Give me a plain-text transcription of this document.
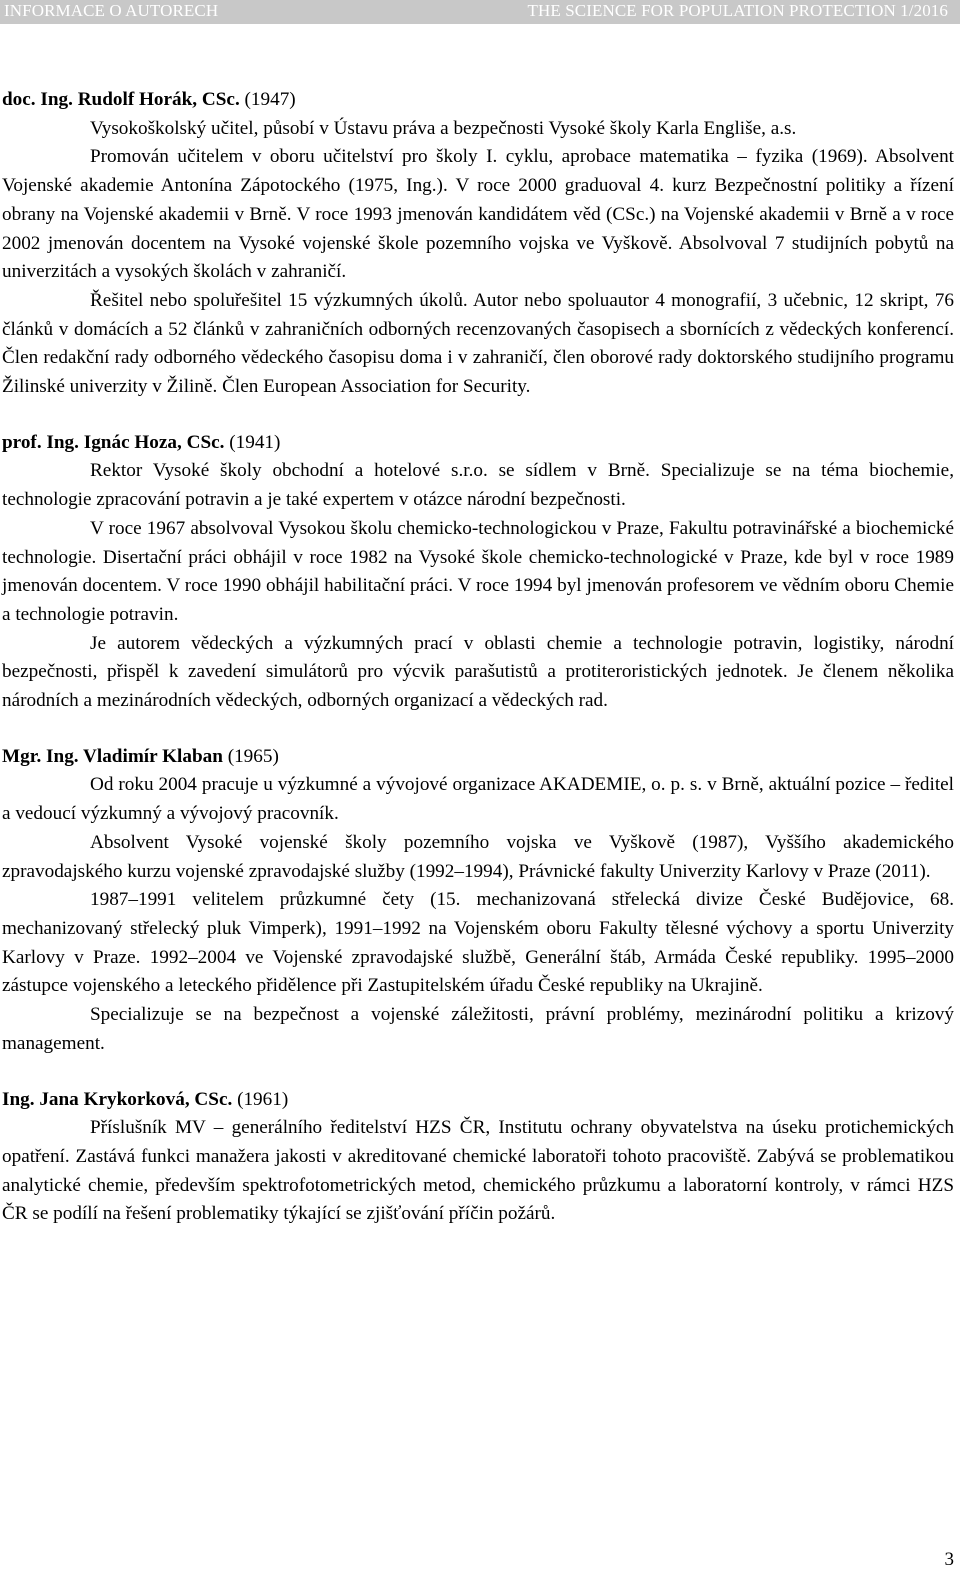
INFORMACE O AUTORECH	THE SCIENCE FOR POPULATION PROTECTION 1/2016
doc. Ing. Rudolf Horák, CSc. (1947)

Vysokoškolský učitel, působí v Ústavu práva a bezpečnosti Vysoké školy Karla Engliše, a.s.

Promován učitelem v oboru učitelství pro školy I. cyklu, aprobace matematika – fyzika (1969). Absolvent Vojenské akademie Antonína Zápotockého (1975, Ing.). V roce 2000 graduoval 4. kurz Bezpečnostní politiky a řízení obrany na Vojenské akademii v Brně. V roce 1993 jmenován kandidátem věd (CSc.) na Vojenské akademii v Brně a v roce 2002 jmenován docentem na Vysoké vojenské škole pozemního vojska ve Vyškově. Absolvoval 7 studijních pobytů na univerzitách a vysokých školách v zahraničí.

Řešitel nebo spoluřešitel 15 výzkumných úkolů. Autor nebo spoluautor 4 monografií, 3 učebnic, 12 skript, 76 článků v domácích a 52 článků v zahraničních odborných recenzovaných časopisech a sbornících z vědeckých konferencí. Člen redakční rady odborného vědeckého časopisu doma i v zahraničí, člen oborové rady doktorského studijního programu Žilinské univerzity v Žilině. Člen European Association for Security.

prof. Ing. Ignác Hoza, CSc. (1941)

Rektor Vysoké školy obchodní a hotelové s.r.o. se sídlem v Brně. Specializuje se na téma biochemie, technologie zpracování potravin a je také expertem v otázce národní bezpečnosti.

V roce 1967 absolvoval Vysokou školu chemicko-technologickou v Praze, Fakultu potravinářské a biochemické technologie. Disertační práci obhájil v roce 1982 na Vysoké škole chemicko-technologické v Praze, kde byl v roce 1989 jmenován docentem. V roce 1990 obhájil habilitační práci. V roce 1994 byl jmenován profesorem ve vědním oboru Chemie a technologie potravin.

Je autorem vědeckých a výzkumných prací v oblasti chemie a technologie potravin, logistiky, národní bezpečnosti, přispěl k zavedení simulátorů pro výcvik parašutistů a protiteroristických jednotek. Je členem několika národních a mezinárodních vědeckých, odborných organizací a vědeckých rad.

Mgr. Ing. Vladimír Klaban (1965)

Od roku 2004 pracuje u výzkumné a vývojové organizace AKADEMIE, o. p. s. v Brně, aktuální pozice – ředitel a vedoucí výzkumný a vývojový pracovník.

Absolvent Vysoké vojenské školy pozemního vojska ve Vyškově (1987), Vyššího akademického zpravodajského kurzu vojenské zpravodajské služby (1992–1994), Právnické fakulty Univerzity Karlovy v Praze (2011).

1987–1991 velitelem průzkumné čety (15. mechanizovaná střelecká divize České Budějovice, 68. mechanizovaný střelecký pluk Vimperk), 1991–1992 na Vojenském oboru Fakulty tělesné výchovy a sportu Univerzity Karlovy v Praze. 1992–2004 ve Vojenské zpravodajské službě, Generální štáb, Armáda České republiky. 1995–2000 zástupce vojenského a leteckého přidělence při Zastupitelském úřadu České republiky na Ukrajině.

Specializuje se na bezpečnost a vojenské záležitosti, právní problémy, mezinárodní politiku a krizový management.

Ing. Jana Krykorková, CSc. (1961)

Příslušník MV – generálního ředitelství HZS ČR, Institutu ochrany obyvatelstva na úseku protichemických opatření. Zastává funkci manažera jakosti v akreditované chemické laboratoři tohoto pracoviště. Zabývá se problematikou analytické chemie, především spektrofotometrických metod, chemického průzkumu a laboratorní kontroly, v rámci HZS ČR se podílí na řešení problematiky týkající se zjišťování příčin požárů.

3
